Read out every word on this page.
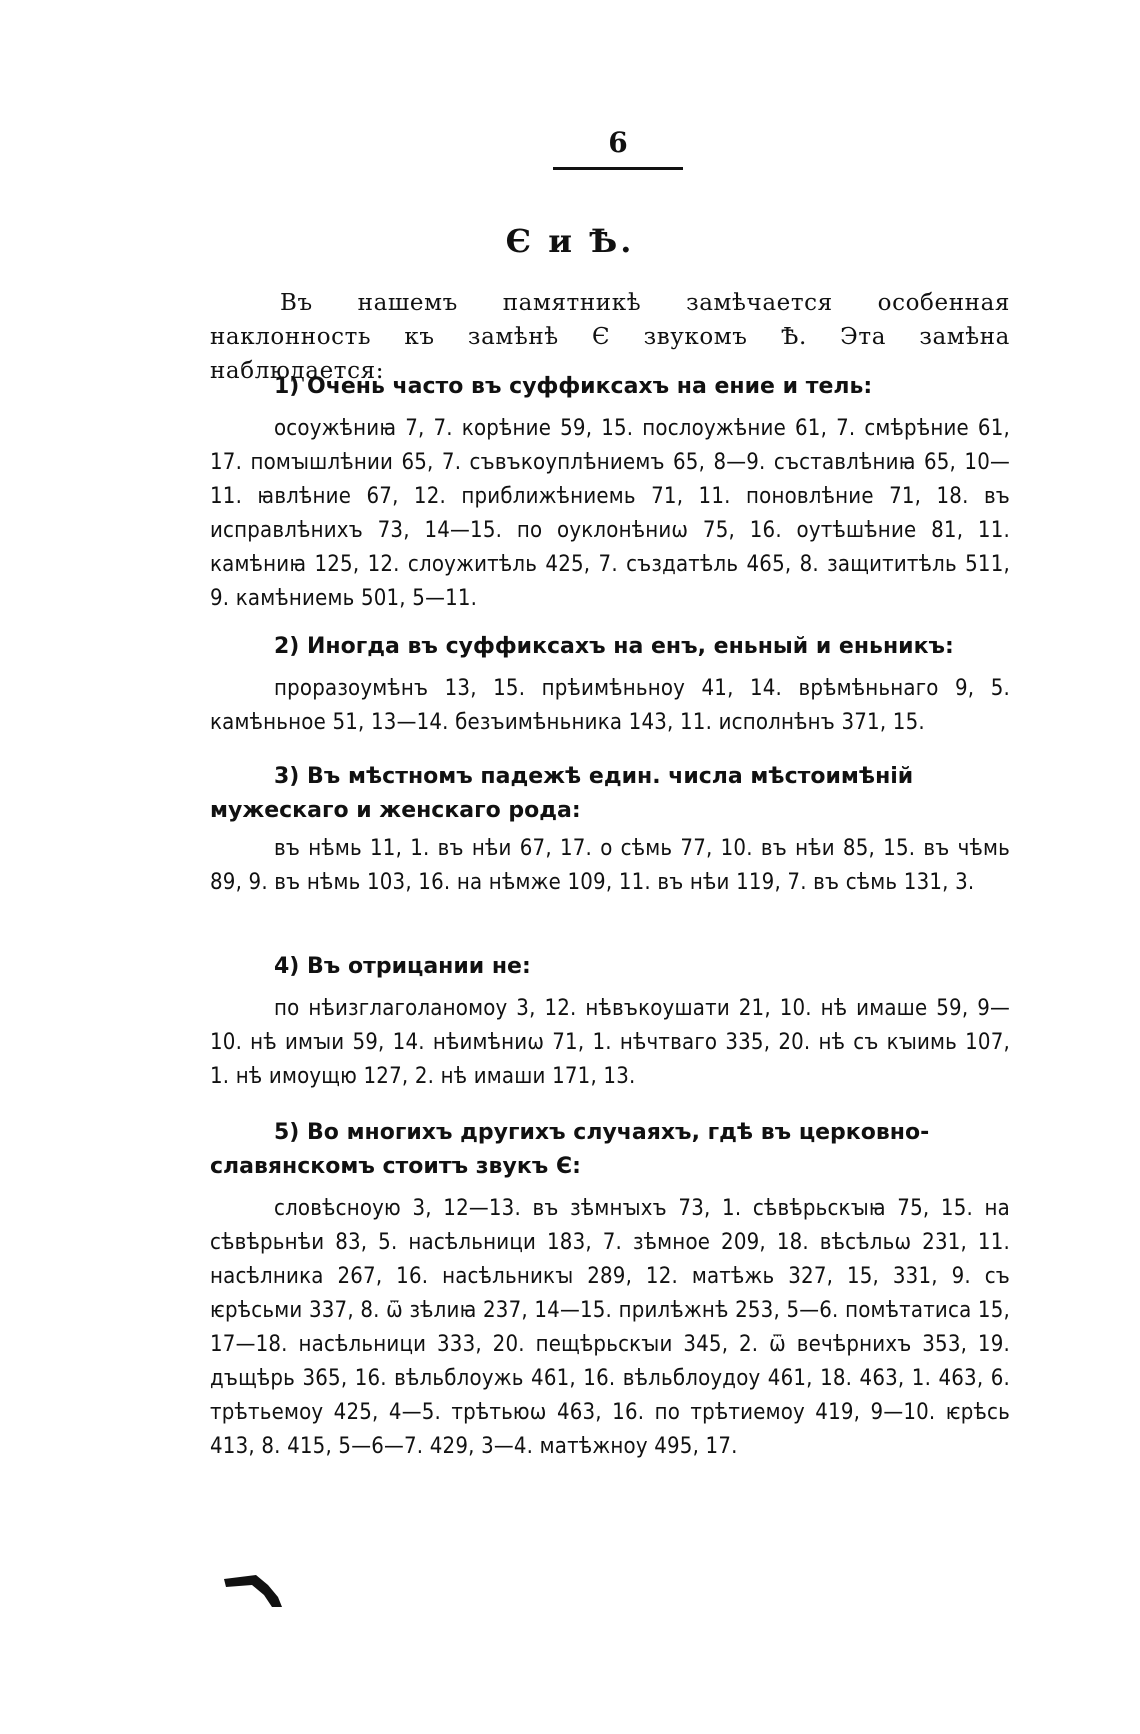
6
Є и Ѣ.

Въ нашемъ памятникѣ замѣчается особенная наклонность къ замѣнѣ Є звукомъ Ѣ. Эта замѣна наблюдается:

1) Очень часто въ суффиксахъ на ение и тель:

осоужѣниꙗ 7, 7. корѣние 59, 15. послоужѣние 61, 7. смѣрѣние 61, 17. помꙑшлѣнии 65, 7. съвъкоуплѣниемъ 65, 8—9. съставлѣниꙗ 65, 10—11. ꙗвлѣние 67, 12. приближѣниемь 71, 11. поновлѣние 71, 18. въ исправлѣнихъ 73, 14—15. по оуклонѣниѡ 75, 16. оутѣшѣние 81, 11. камѣниꙗ 125, 12. слоужитѣль 425, 7. създатѣль 465, 8. защититѣль 511, 9. камѣниемь 501, 5—11.

2) Иногда въ суффиксахъ на енъ, еньный и еньникъ:

проразоумѣнъ 13, 15. прѣимѣньноу 41, 14. врѣмѣньнаго 9, 5. камѣньное 51, 13—14. безъимѣньника 143, 11. исполнѣнъ 371, 15.

3) Въ мѣстномъ падежѣ един. числа мѣстоимѣній мужескаго и женскаго рода:

въ нѣмь 11, 1. въ нѣи 67, 17. о сѣмь 77, 10. въ нѣи 85, 15. въ чѣмь 89, 9. въ нѣмь 103, 16. на нѣмже 109, 11. въ нѣи 119, 7. въ сѣмь 131, 3.

4) Въ отрицании не:

по нѣизглаголаномоу 3, 12. нѣвъкоушати 21, 10. нѣ имаше 59, 9—10. нѣ имꙑи 59, 14. нѣимѣниѡ 71, 1. нѣчтваго 335, 20. нѣ съ кꙑимь 107, 1. нѣ имоущю 127, 2. нѣ имаши 171, 13.

5) Во многихъ другихъ случаяхъ, гдѣ въ церковно-славянскомъ стоитъ звукъ Є:

словѣсноую 3, 12—13. въ зѣмнꙑхъ 73, 1. сѣвѣрьскꙑꙗ 75, 15. на сѣвѣрьнѣи 83, 5. насѣльници 183, 7. зѣмное 209, 18. вѣсѣльѡ 231, 11. насѣлника 267, 16. насѣльникꙑ 289, 12. матѣжь 327, 15, 331, 9. съ ѥрѣсьми 337, 8. ѿ зѣлиꙗ 237, 14—15. прилѣжнѣ 253, 5—6. помѣтатиса 15, 17—18. насѣльници 333, 20. пещѣрьскꙑи 345, 2. ѿ вечѣрнихъ 353, 19. дъщѣрь 365, 16. вѣльблоужь 461, 16. вѣльблоудоу 461, 18. 463, 1. 463, 6. трѣтьемоу 425, 4—5. трѣтьюѡ 463, 16. по трѣтиемоу 419, 9—10. ѥрѣсь 413, 8. 415, 5—6—7. 429, 3—4. матѣжноу 495, 17.
